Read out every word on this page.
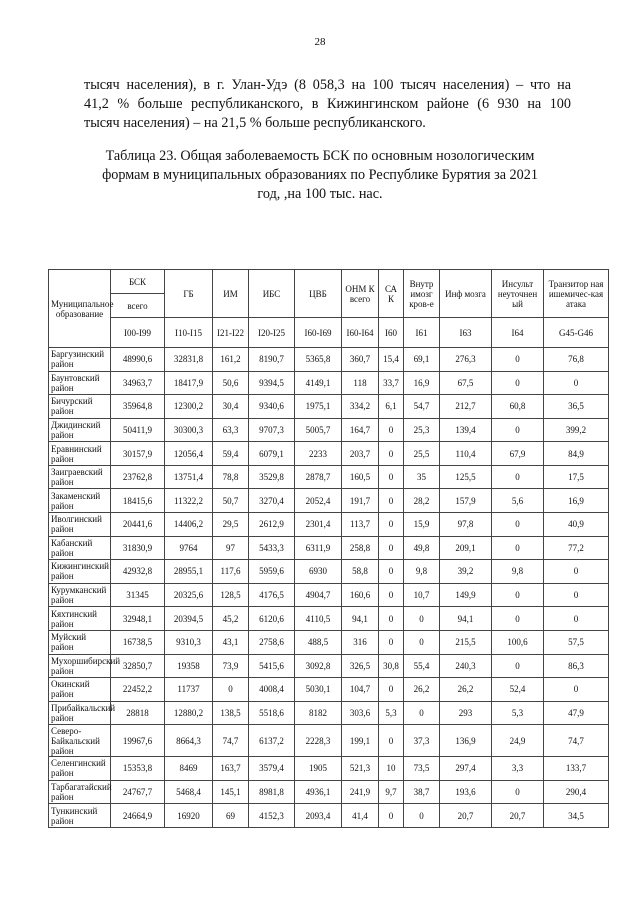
28
тысяч населения), в г. Улан-Удэ (8 058,3 на 100 тысяч населения) – что на
41,2 % больше республиканского, в Кижингинском районе (6 930 на 100
тысяч населения) – на 21,5 % больше республиканского.
Таблица 23. Общая заболеваемость БСК по основным нозологическим
формам в муниципальных образованиях по Республике Бурятия за 2021
год, ,на 100 тыс. нас.
Муниципальное образование	БСК	ГБ	ИМ	ИБС	ЦВБ	ОНМ К всего	СА К	Внутр имозг кров-е	Инф мозга	Инсульт неуточнен ый	Транзитор ная ишемичес-кая атака
	всего										
	I00-I99	I10-I15	I21-I22	I20-I25	I60-I69	I60-I64	I60	I61	I63	I64	G45-G46
Баргузинский район	48990,6	32831,8	161,2	8190,7	5365,8	360,7	15,4	69,1	276,3	0	76,8
Баунтовский район	34963,7	18417,9	50,6	9394,5	4149,1	118	33,7	16,9	67,5	0	0
Бичурский район	35964,8	12300,2	30,4	9340,6	1975,1	334,2	6,1	54,7	212,7	60,8	36,5
Джидинский район	50411,9	30300,3	63,3	9707,3	5005,7	164,7	0	25,3	139,4	0	399,2
Еравнинский район	30157,9	12056,4	59,4	6079,1	2233	203,7	0	25,5	110,4	67,9	84,9
Заиграевский район	23762,8	13751,4	78,8	3529,8	2878,7	160,5	0	35	125,5	0	17,5
Закаменский район	18415,6	11322,2	50,7	3270,4	2052,4	191,7	0	28,2	157,9	5,6	16,9
Иволгинский район	20441,6	14406,2	29,5	2612,9	2301,4	113,7	0	15,9	97,8	0	40,9
Кабанский район	31830,9	9764	97	5433,3	6311,9	258,8	0	49,8	209,1	0	77,2
Кижингинский район	42932,8	28955,1	117,6	5959,6	6930	58,8	0	9,8	39,2	9,8	0
Курумканский район	31345	20325,6	128,5	4176,5	4904,7	160,6	0	10,7	149,9	0	0
Кяхтинский район	32948,1	20394,5	45,2	6120,6	4110,5	94,1	0	0	94,1	0	0
Муйский район	16738,5	9310,3	43,1	2758,6	488,5	316	0	0	215,5	100,6	57,5
Мухоршибирский район	32850,7	19358	73,9	5415,6	3092,8	326,5	30,8	55,4	240,3	0	86,3
Окинский район	22452,2	11737	0	4008,4	5030,1	104,7	0	26,2	26,2	52,4	0
Прибайкальский район	28818	12880,2	138,5	5518,6	8182	303,6	5,3	0	293	5,3	47,9
Северо-Байкальский район	19967,6	8664,3	74,7	6137,2	2228,3	199,1	0	37,3	136,9	24,9	74,7
Селенгинский район	15353,8	8469	163,7	3579,4	1905	521,3	10	73,5	297,4	3,3	133,7
Тарбагатайский район	24767,7	5468,4	145,1	8981,8	4936,1	241,9	9,7	38,7	193,6	0	290,4
Тункинский район	24664,9	16920	69	4152,3	2093,4	41,4	0	0	20,7	20,7	34,5
